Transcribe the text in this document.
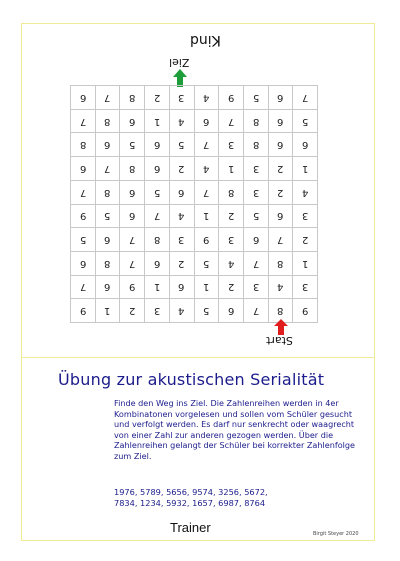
Kind
Ziel
6 7 8 2 3 4 9 5 6 7
7 8 6 1 4 6 7 8 6 5
8 6 5 6 5 7 3 8 6 6
6 7 8 6 2 4 1 3 2 1
7 8 6 5 6 7 8 3 2 4
9 5 6 7 4 1 2 5 6 3
5 6 7 8 3 9 3 6 7 2
6 8 7 6 2 5 4 7 8 1
7 6 9 1 6 1 2 3 4 3
9 1 2 3 4 5 6 7 8 9
Start
Übung zur akustischen Serialität
Finde den Weg ins Ziel. Die Zahlenreihen werden in 4er Kombinatonen vorgelesen und sollen vom Schüler gesucht und verfolgt werden. Es darf nur senkrecht oder waagrecht von einer Zahl zur anderen gezogen werden. Über die Zahlenreihen gelangt der Schüler bei korrekter Zahlenfolge zum Ziel.
1976, 5789, 5656, 9574, 3256, 5672,
7834, 1234, 5932, 1657, 6987, 8764
Trainer	Birgit Steyer 2020
